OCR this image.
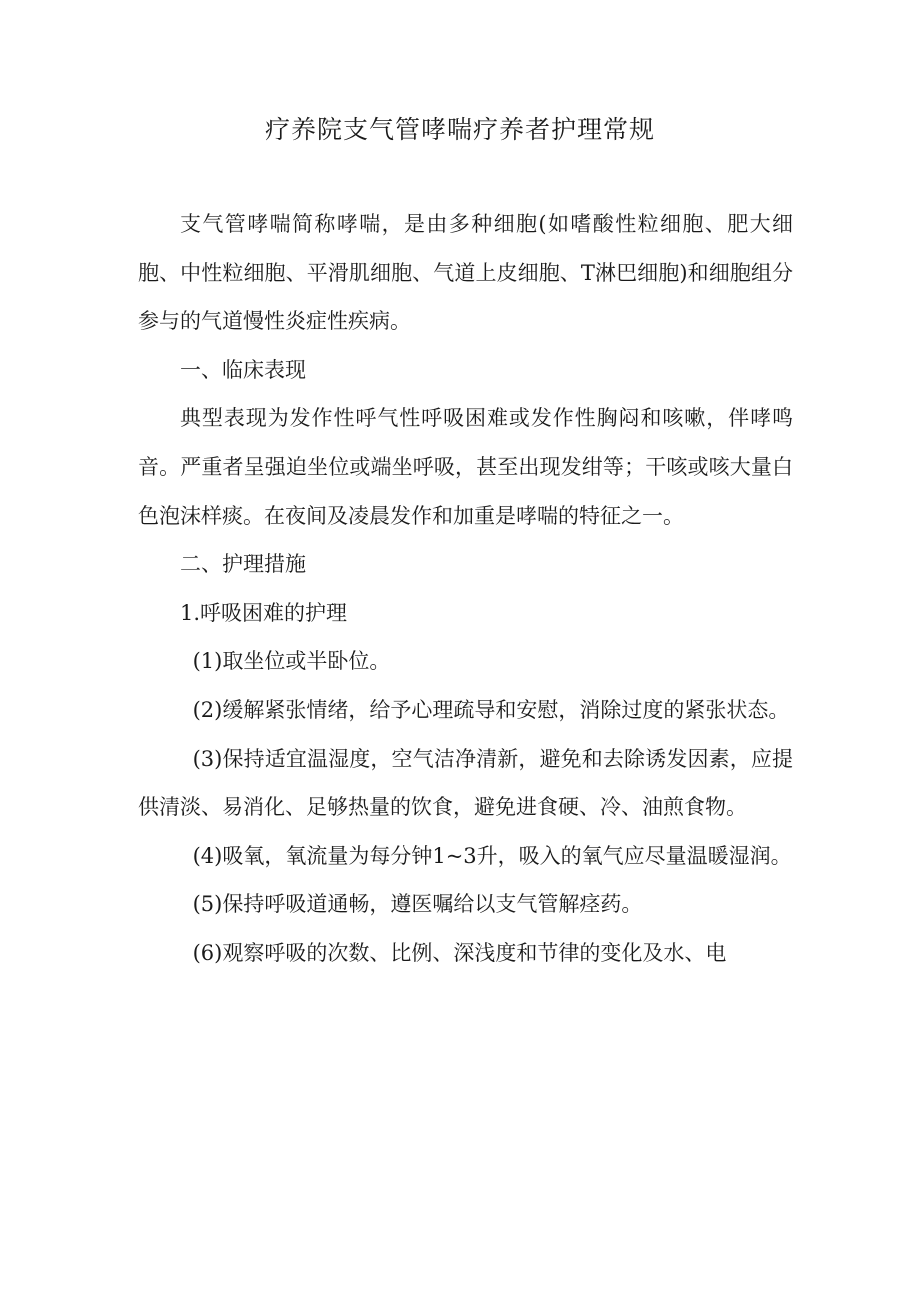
疗养院支气管哮喘疗养者护理常规

支气管哮喘简称哮喘，是由多种细胞(如嗜酸性粒细胞、肥大细胞、中性粒细胞、平滑肌细胞、气道上皮细胞、T淋巴细胞)和细胞组分参与的气道慢性炎症性疾病。

一、临床表现

典型表现为发作性呼气性呼吸困难或发作性胸闷和咳嗽，伴哮鸣音。严重者呈强迫坐位或端坐呼吸，甚至出现发绀等；干咳或咳大量白色泡沫样痰。在夜间及凌晨发作和加重是哮喘的特征之一。

二、护理措施

1.呼吸困难的护理

(1)取坐位或半卧位。

(2)缓解紧张情绪，给予心理疏导和安慰，消除过度的紧张状态。

(3)保持适宜温湿度，空气洁净清新，避免和去除诱发因素，应提供清淡、易消化、足够热量的饮食，避免进食硬、冷、油煎食物。

(4)吸氧，氧流量为每分钟1~3升，吸入的氧气应尽量温暖湿润。

(5)保持呼吸道通畅，遵医嘱给以支气管解痉药。

(6)观察呼吸的次数、比例、深浅度和节律的变化及水、电
